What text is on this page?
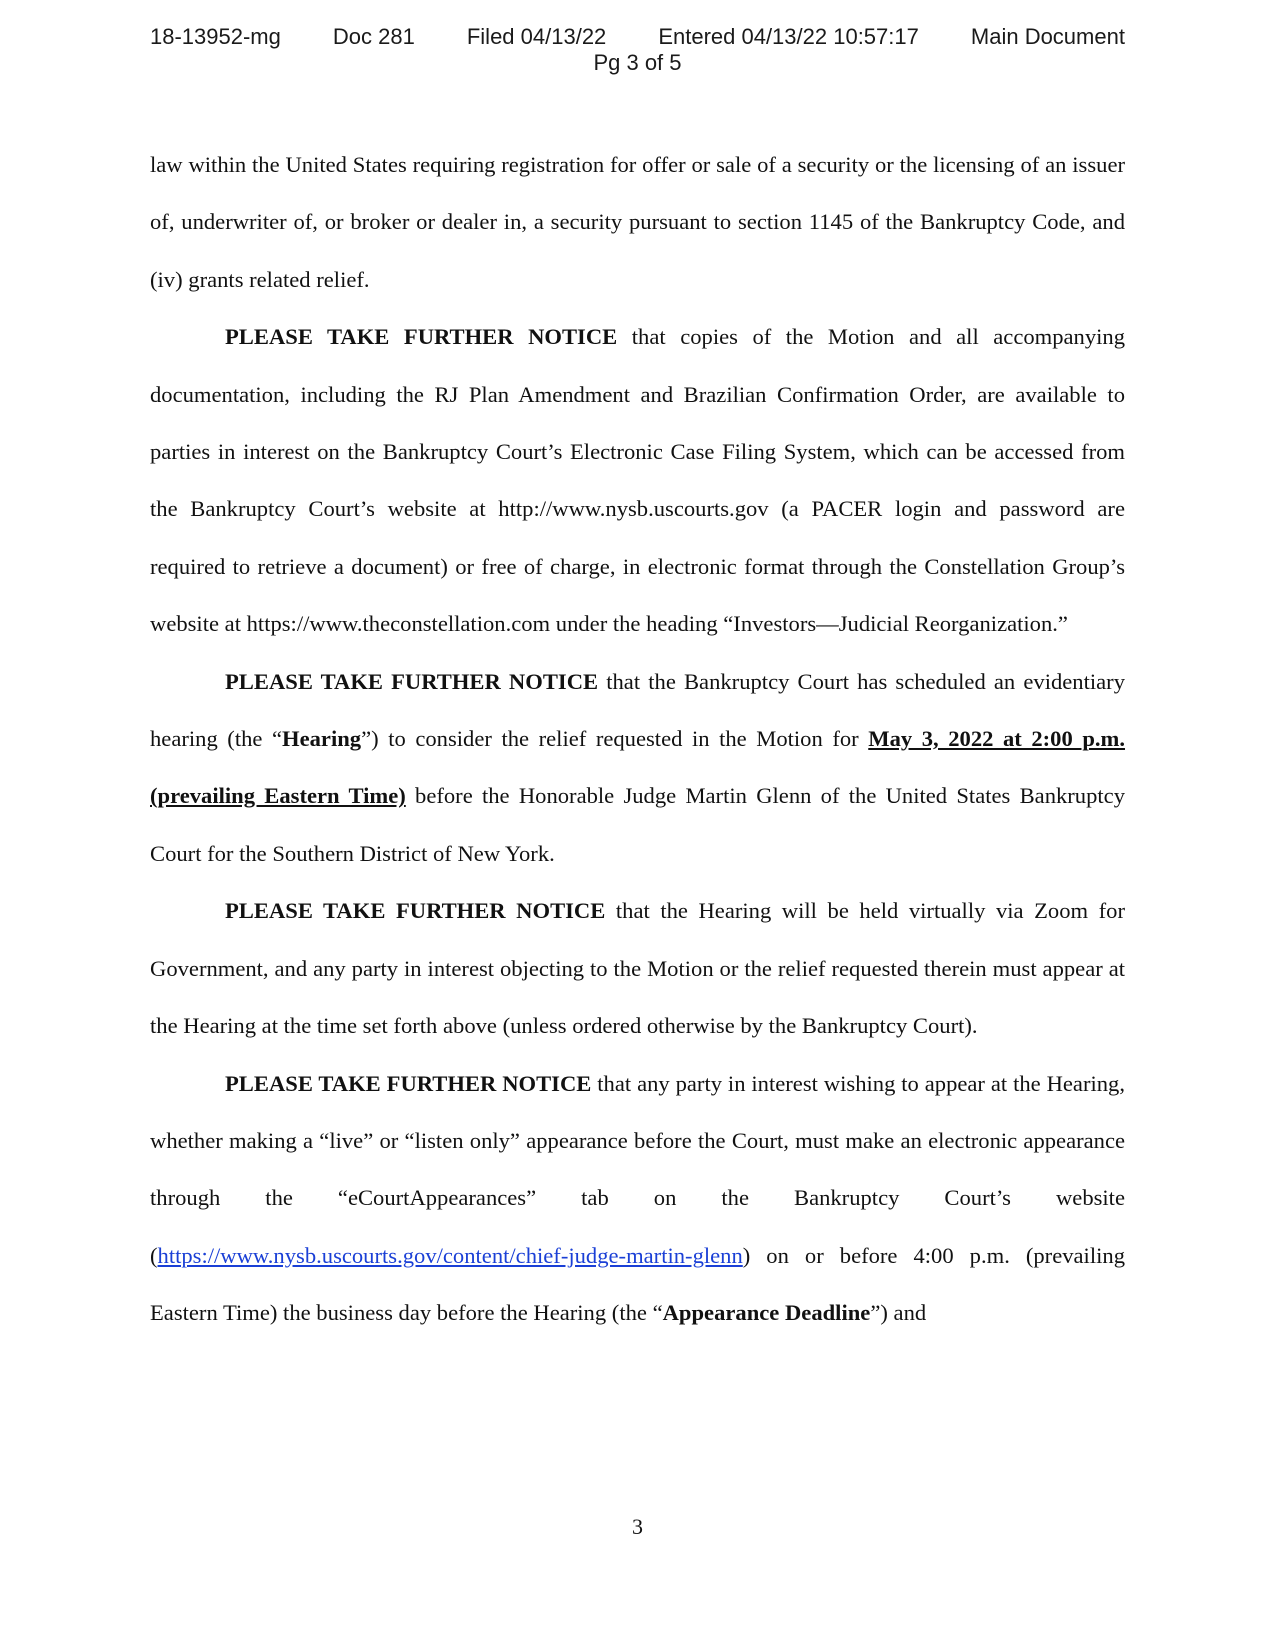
18-13952-mg Doc 281 Filed 04/13/22 Entered 04/13/22 10:57:17 Main Document
Pg 3 of 5

law within the United States requiring registration for offer or sale of a security or the licensing of an issuer of, underwriter of, or broker or dealer in, a security pursuant to section 1145 of the Bankruptcy Code, and (iv) grants related relief.

PLEASE TAKE FURTHER NOTICE that copies of the Motion and all accompanying documentation, including the RJ Plan Amendment and Brazilian Confirmation Order, are available to parties in interest on the Bankruptcy Court’s Electronic Case Filing System, which can be accessed from the Bankruptcy Court’s website at http://www.nysb.uscourts.gov (a PACER login and password are required to retrieve a document) or free of charge, in electronic format through the Constellation Group’s website at https://www.theconstellation.com under the heading “Investors—Judicial Reorganization.”

PLEASE TAKE FURTHER NOTICE that the Bankruptcy Court has scheduled an evidentiary hearing (the “Hearing”) to consider the relief requested in the Motion for May 3, 2022 at 2:00 p.m. (prevailing Eastern Time) before the Honorable Judge Martin Glenn of the United States Bankruptcy Court for the Southern District of New York.

PLEASE TAKE FURTHER NOTICE that the Hearing will be held virtually via Zoom for Government, and any party in interest objecting to the Motion or the relief requested therein must appear at the Hearing at the time set forth above (unless ordered otherwise by the Bankruptcy Court).

PLEASE TAKE FURTHER NOTICE that any party in interest wishing to appear at the Hearing, whether making a “live” or “listen only” appearance before the Court, must make an electronic appearance through the “eCourtAppearances” tab on the Bankruptcy Court’s website (https://www.nysb.uscourts.gov/content/chief-judge-martin-glenn) on or before 4:00 p.m. (prevailing Eastern Time) the business day before the Hearing (the “Appearance Deadline”) and

3
